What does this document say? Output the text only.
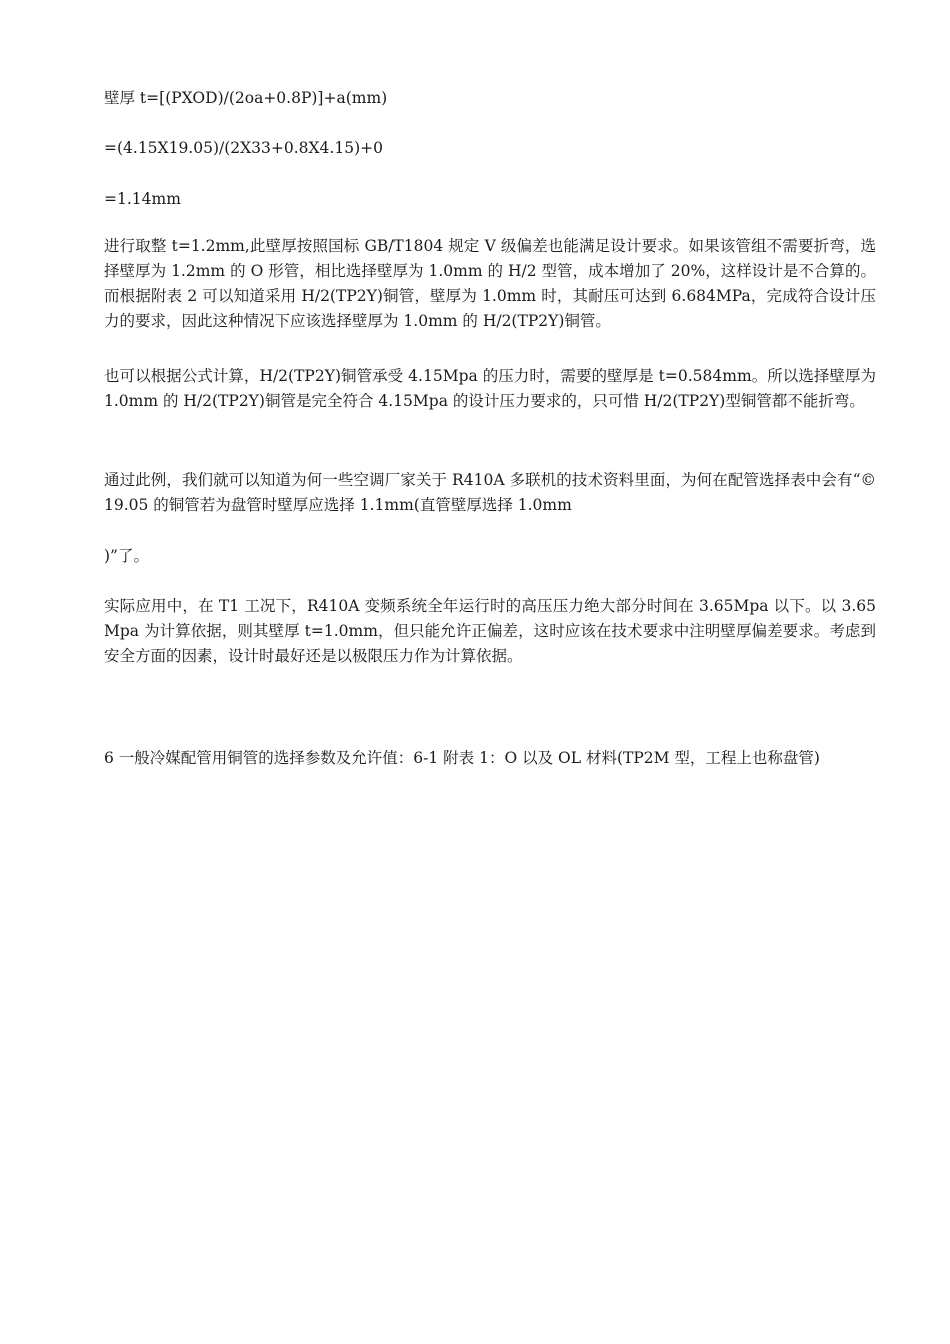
壁厚 t=[(PXOD)/(2oa+0.8P)]+a(mm)

=(4.15X19.05)/(2X33+0.8X4.15)+0

=1.14mm

进行取整 t=1.2mm,此壁厚按照国标 GB/T1804 规定 V 级偏差也能满足设计要求。如果该管组不需要折弯，选择壁厚为 1.2mm 的 O 形管，相比选择壁厚为 1.0mm 的 H/2 型管，成本增加了 20%，这样设计是不合算的。而根据附表 2 可以知道采用 H/2(TP2Y)铜管，壁厚为 1.0mm 时，其耐压可达到 6.684MPa，完成符合设计压力的要求，因此这种情况下应该选择壁厚为 1.0mm 的 H/2(TP2Y)铜管。

也可以根据公式计算，H/2(TP2Y)铜管承受 4.15Mpa 的压力时，需要的壁厚是 t=0.584mm。所以选择壁厚为 1.0mm 的 H/2(TP2Y)铜管是完全符合 4.15Mpa 的设计压力要求的，只可惜 H/2(TP2Y)型铜管都不能折弯。

通过此例，我们就可以知道为何一些空调厂家关于 R410A 多联机的技术资料里面，为何在配管选择表中会有“©19.05 的铜管若为盘管时壁厚应选择 1.1mm(直管壁厚选择 1.0mm

)”了。

实际应用中，在 T1 工况下，R410A 变频系统全年运行时的高压压力绝大部分时间在 3.65Mpa 以下。以 3.65Mpa 为计算依据，则其壁厚 t=1.0mm，但只能允许正偏差，这时应该在技术要求中注明壁厚偏差要求。考虑到安全方面的因素，设计时最好还是以极限压力作为计算依据。

6 一般冷媒配管用铜管的选择参数及允许值：6-1 附表 1：O 以及 OL 材料(TP2M 型，工程上也称盘管)
